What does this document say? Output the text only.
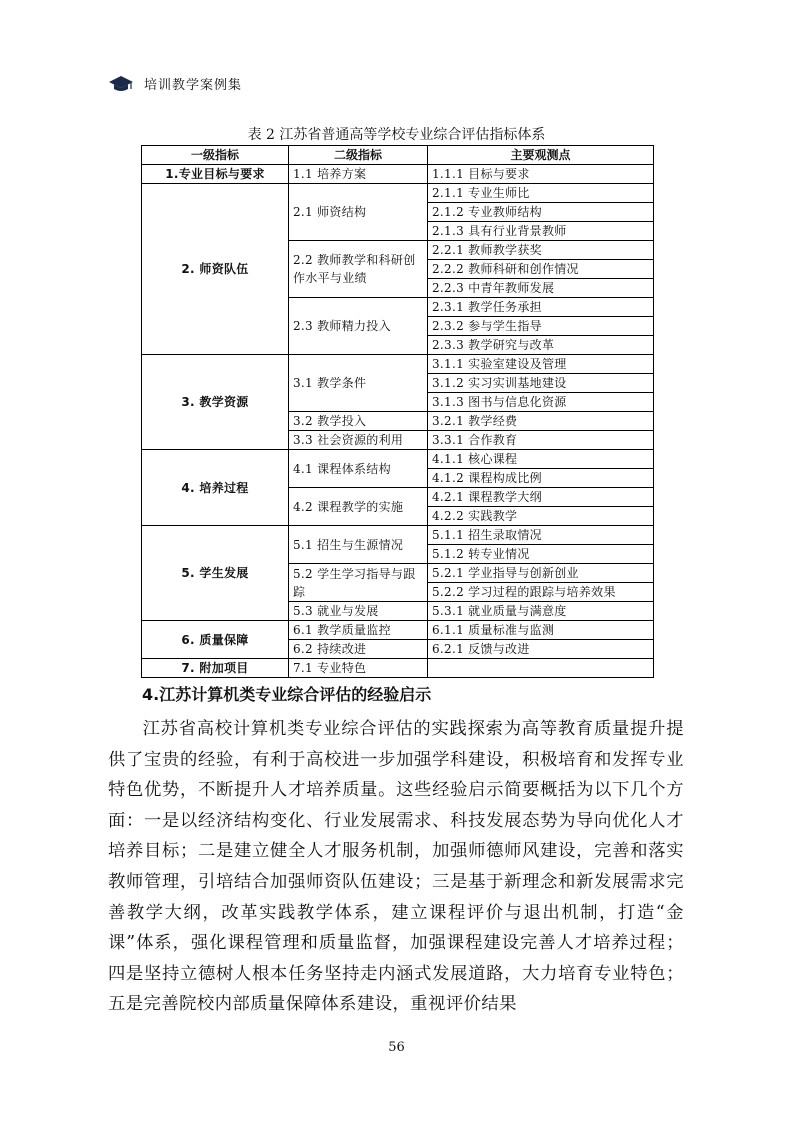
培训教学案例集
表 2 江苏省普通高等学校专业综合评估指标体系
一级指标	二级指标	主要观测点
1.专业目标与要求	1.1 培养方案	1.1.1 目标与要求
2. 师资队伍	2.1 师资结构	2.1.1 专业生师比
		2.1.2 专业教师结构
		2.1.3 具有行业背景教师
	2.2 教师教学和科研创作水平与业绩	2.2.1 教师教学获奖
		2.2.2 教师科研和创作情况
		2.2.3 中青年教师发展
	2.3 教师精力投入	2.3.1 教学任务承担
		2.3.2 参与学生指导
		2.3.3 教学研究与改革
3. 教学资源	3.1 教学条件	3.1.1 实验室建设及管理
		3.1.2 实习实训基地建设
		3.1.3 图书与信息化资源
	3.2 教学投入	3.2.1 教学经费
	3.3 社会资源的利用	3.3.1 合作教育
4. 培养过程	4.1 课程体系结构	4.1.1 核心课程
		4.1.2 课程构成比例
	4.2 课程教学的实施	4.2.1 课程教学大纲
		4.2.2 实践教学
5. 学生发展	5.1 招生与生源情况	5.1.1 招生录取情况
		5.1.2 转专业情况
	5.2 学生学习指导与跟踪	5.2.1 学业指导与创新创业
		5.2.2 学习过程的跟踪与培养效果
	5.3 就业与发展	5.3.1 就业质量与满意度
6. 质量保障	6.1 教学质量监控	6.1.1 质量标准与监测
	6.2 持续改进	6.2.1 反馈与改进
7. 附加项目	7.1 专业特色	
4.江苏计算机类专业综合评估的经验启示

江苏省高校计算机类专业综合评估的实践探索为高等教育质量提升提供了宝贵的经验，有利于高校进一步加强学科建设，积极培育和发挥专业特色优势，不断提升人才培养质量。这些经验启示简要概括为以下几个方面：一是以经济结构变化、行业发展需求、科技发展态势为导向优化人才培养目标；二是建立健全人才服务机制，加强师德师风建设，完善和落实教师管理，引培结合加强师资队伍建设；三是基于新理念和新发展需求完善教学大纲，改革实践教学体系，建立课程评价与退出机制，打造“金课”体系，强化课程管理和质量监督，加强课程建设完善人才培养过程；四是坚持立德树人根本任务坚持走内涵式发展道路，大力培育专业特色；五是完善院校内部质量保障体系建设，重视评价结果

56
